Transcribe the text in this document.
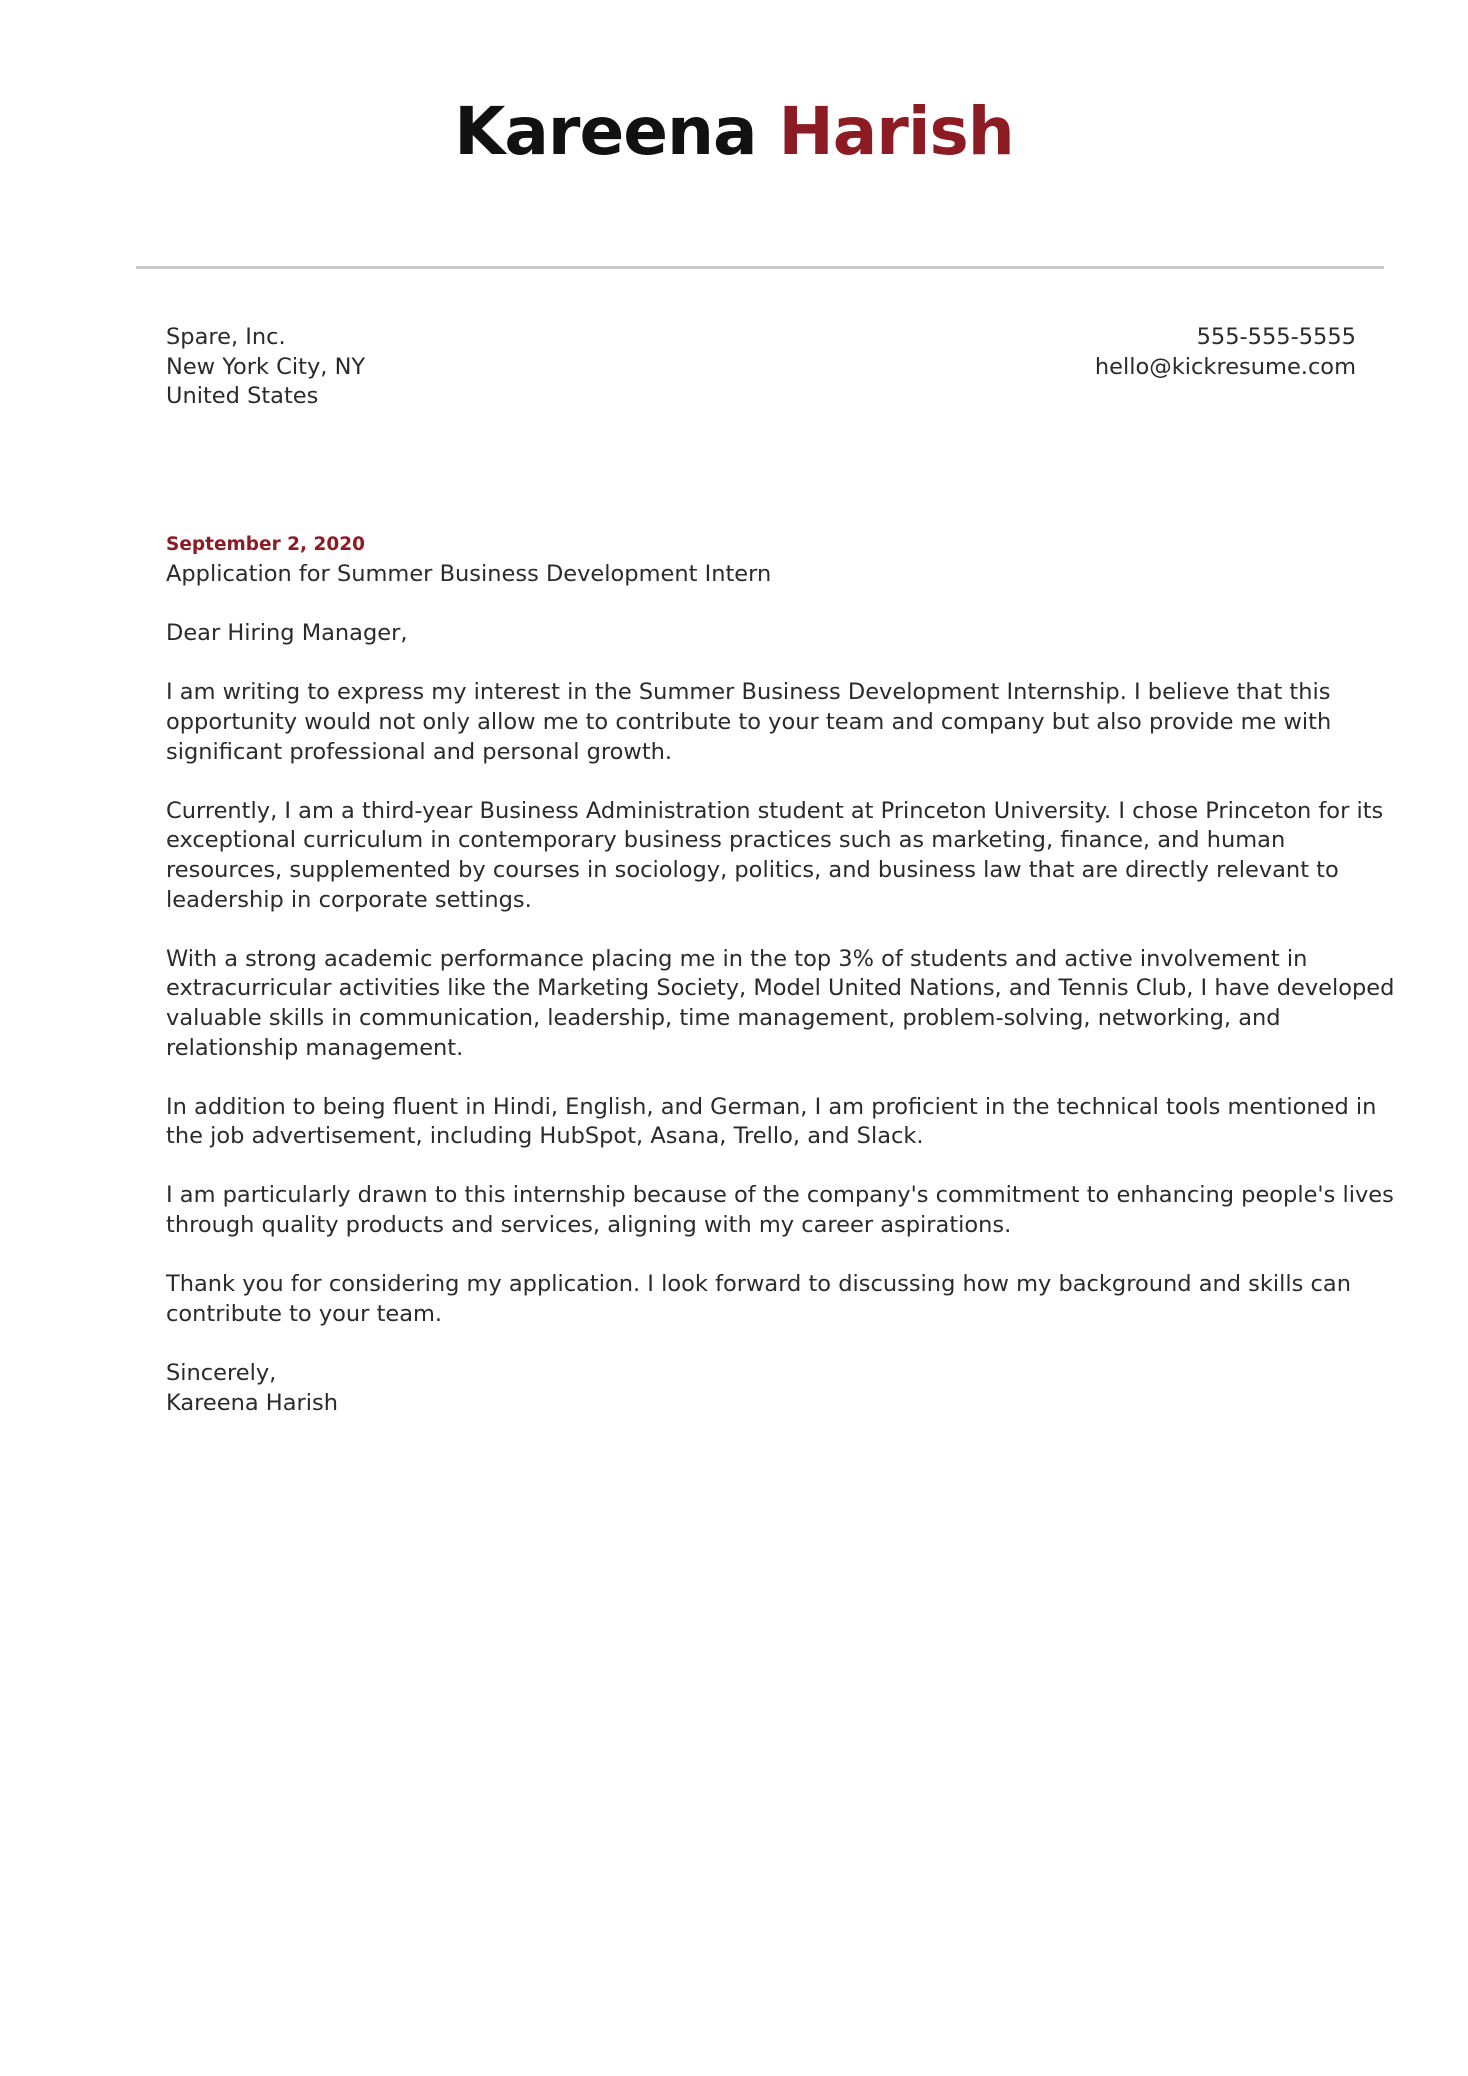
Kareena Harish
Spare, Inc.
New York City, NY
United States
555-555-5555
hello@kickresume.com
September 2, 2020
Application for Summer Business Development Intern
Dear Hiring Manager,
I am writing to express my interest in the Summer Business Development Internship. I believe that this
opportunity would not only allow me to contribute to your team and company but also provide me with
significant professional and personal growth.
Currently, I am a third-year Business Administration student at Princeton University. I chose Princeton for its
exceptional curriculum in contemporary business practices such as marketing, finance, and human
resources, supplemented by courses in sociology, politics, and business law that are directly relevant to
leadership in corporate settings.
With a strong academic performance placing me in the top 3% of students and active involvement in
extracurricular activities like the Marketing Society, Model United Nations, and Tennis Club, I have developed
valuable skills in communication, leadership, time management, problem-solving, networking, and
relationship management.
In addition to being fluent in Hindi, English, and German, I am proficient in the technical tools mentioned in
the job advertisement, including HubSpot, Asana, Trello, and Slack.
I am particularly drawn to this internship because of the company's commitment to enhancing people's lives
through quality products and services, aligning with my career aspirations.
Thank you for considering my application. I look forward to discussing how my background and skills can
contribute to your team.
Sincerely,
Kareena Harish
